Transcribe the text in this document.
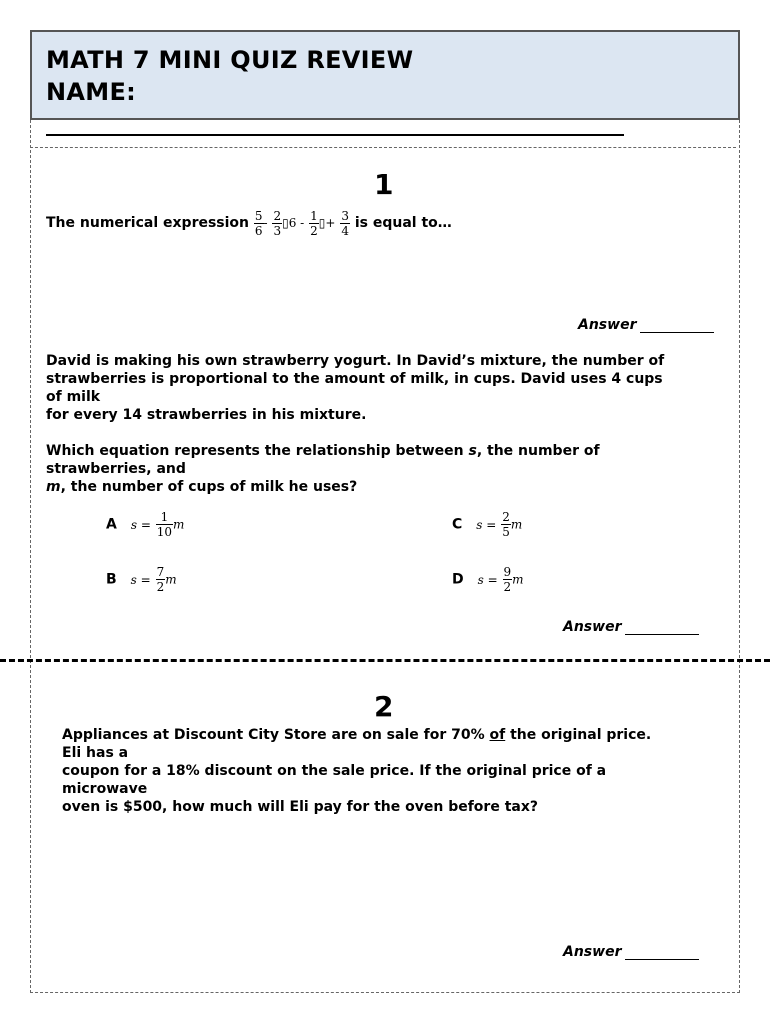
MATH 7 MINI QUIZ REVIEW
NAME:
1
The numerical expression $\frac{5}{6} - \frac{2}{3}$ ▯6 - $\frac{1}{2}$ ▯+ $\frac{3}{4}$ is equal to…
Answer
David is making his own strawberry yogurt. In David’s mixture, the number of
strawberries is proportional to the amount of milk, in cups. David uses 4 cups
of milk
for every 14 strawberries in his mixture.
Which equation represents the relationship between s, the number of
strawberries, and
m, the number of cups of milk he uses?
A $s = \frac{1}{10}$ m	C $s = \frac{2}{5}$ m
B $s = \frac{7}{2}$ m	D $s = \frac{9}{2}$ m
Answer
2
Appliances at Discount City Store are on sale for 70% of the original price.
Eli has a
coupon for a 18% discount on the sale price. If the original price of a
microwave
oven is $500, how much will Eli pay for the oven before tax?
Answer
